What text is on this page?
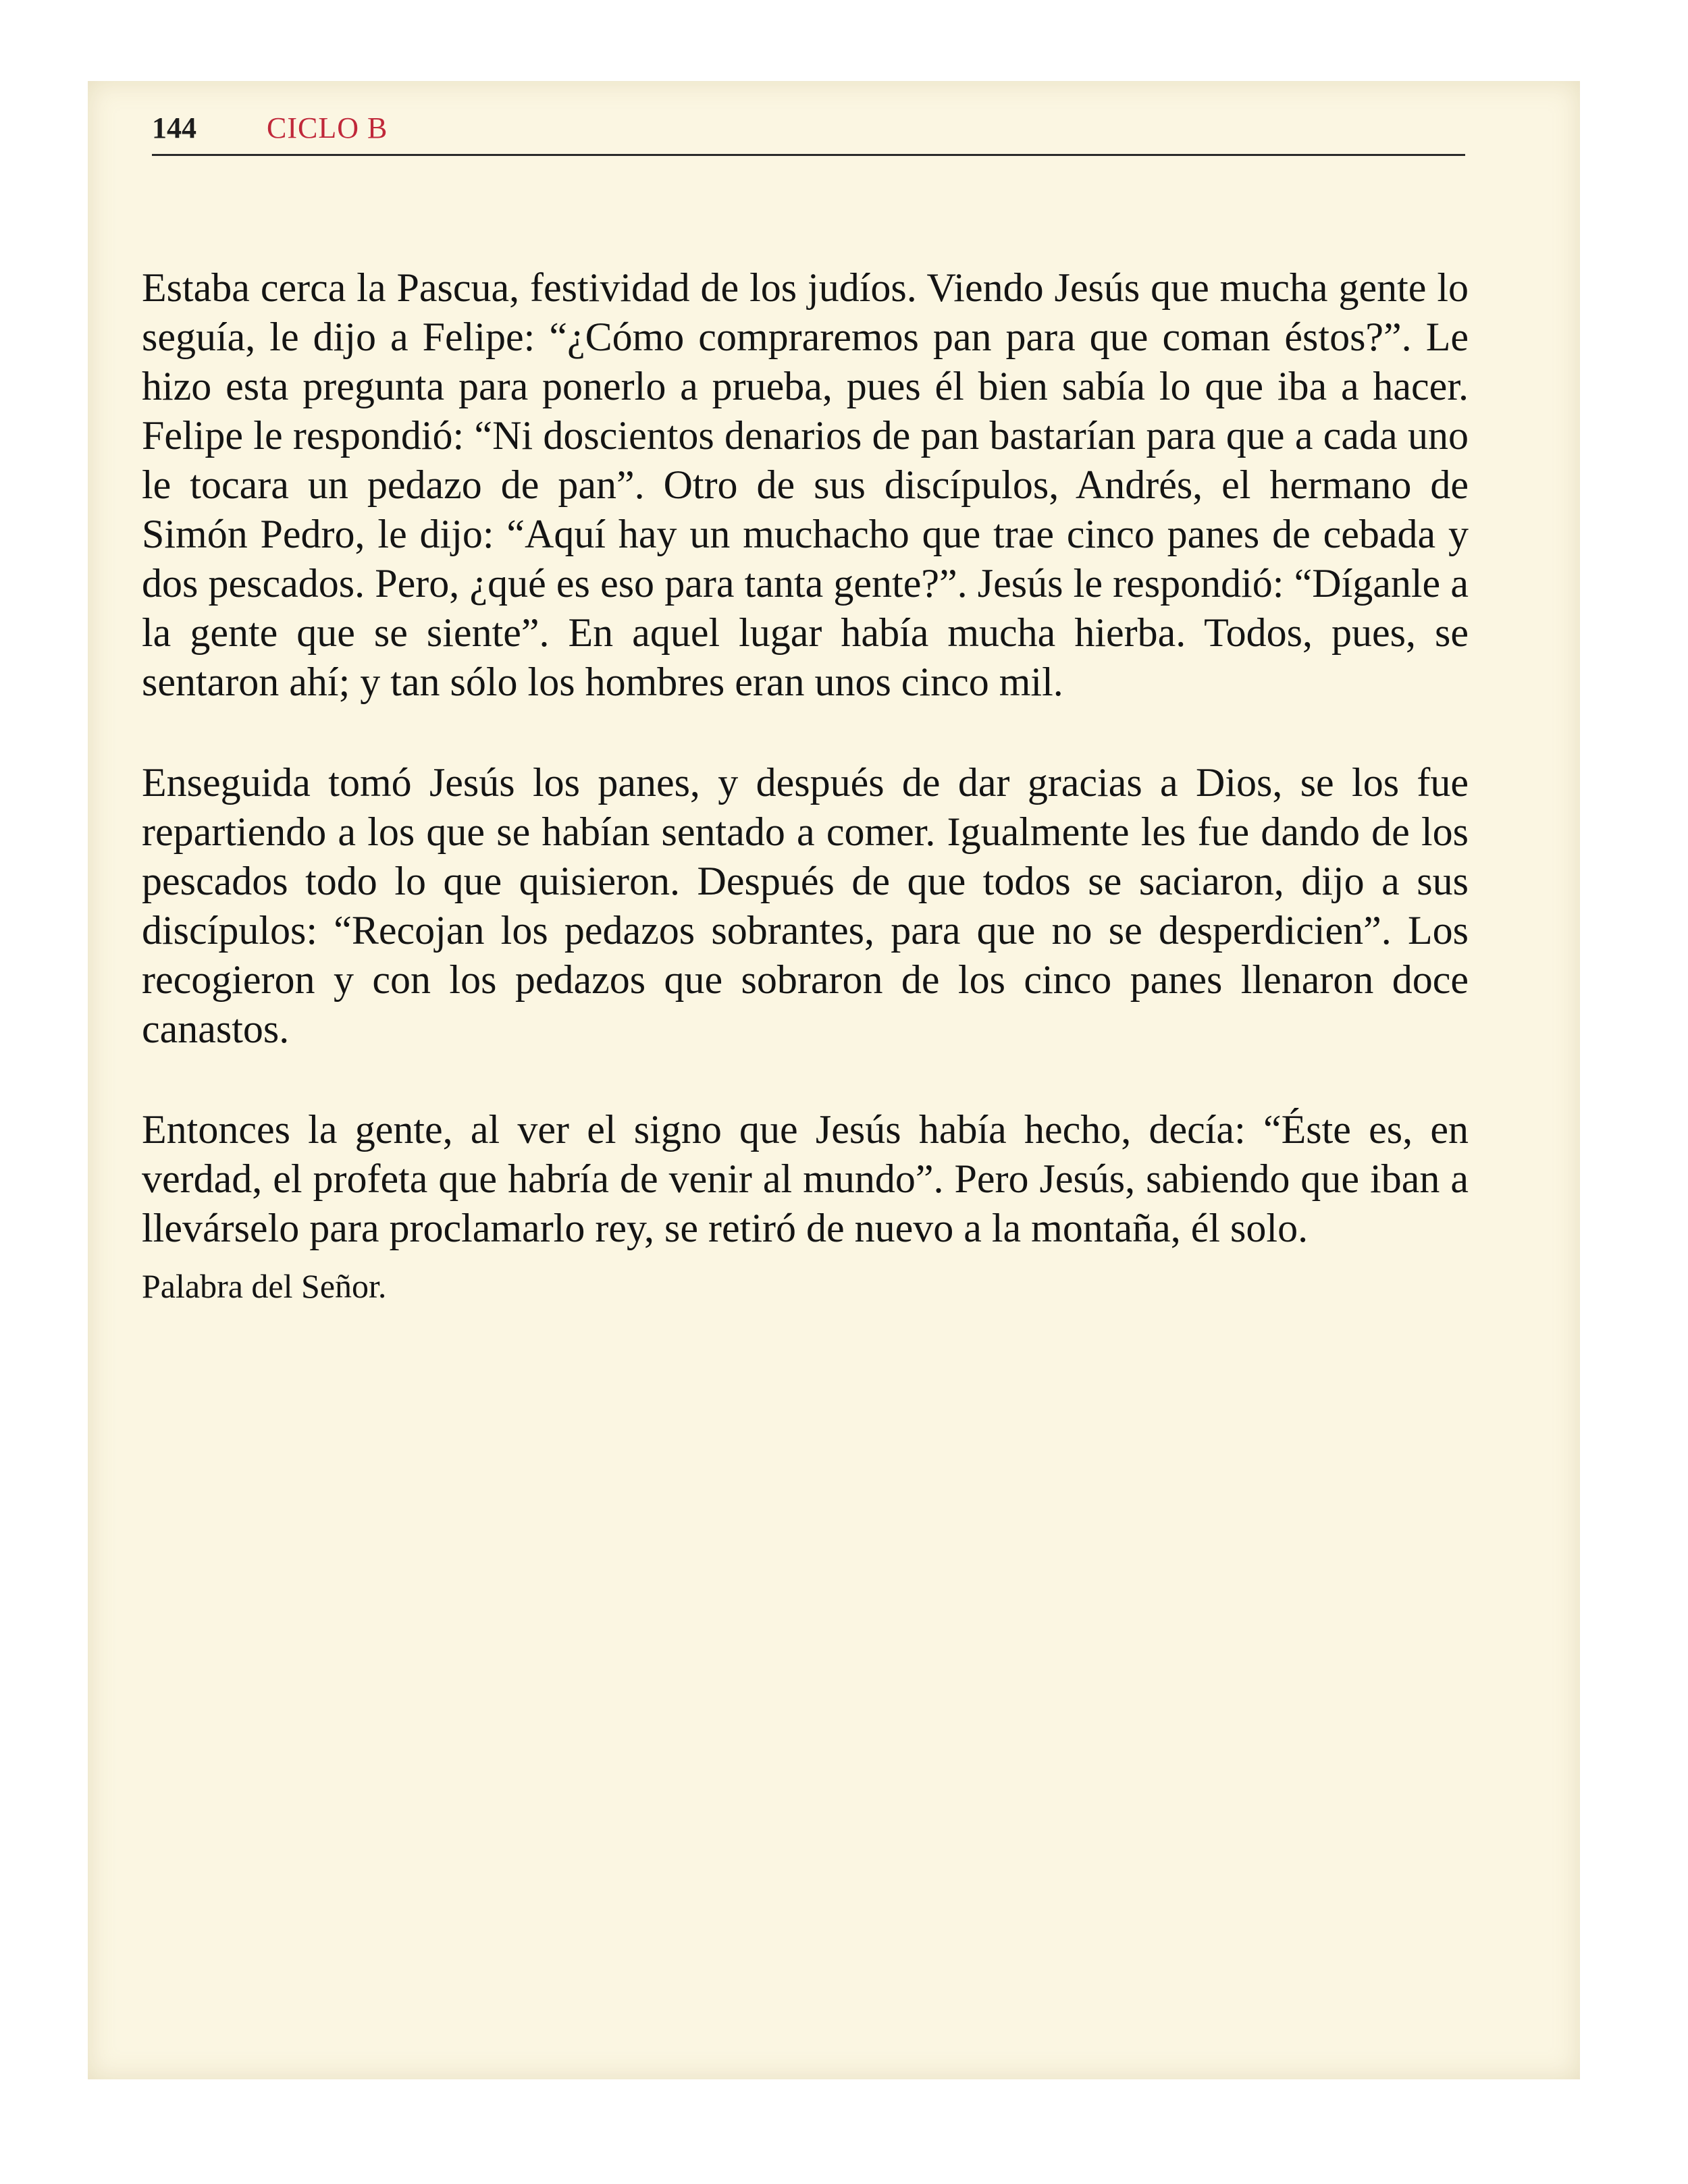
144 CICLO B

Estaba cerca la Pascua, festividad de los judíos. Viendo Jesús que mucha gente lo seguía, le dijo a Felipe: “¿Cómo compraremos pan para que coman éstos?”. Le hizo esta pregunta para ponerlo a prueba, pues él bien sabía lo que iba a hacer. Felipe le respondió: “Ni doscientos denarios de pan bastarían para que a cada uno le tocara un pedazo de pan”. Otro de sus discípulos, Andrés, el hermano de Simón Pedro, le dijo: “Aquí hay un muchacho que trae cinco panes de cebada y dos pescados. Pero, ¿qué es eso para tanta gente?”. Jesús le respondió: “Díganle a la gente que se siente”. En aquel lugar había mucha hierba. Todos, pues, se sentaron ahí; y tan sólo los hombres eran unos cinco mil.

Enseguida tomó Jesús los panes, y después de dar gracias a Dios, se los fue repartiendo a los que se habían sentado a comer. Igualmente les fue dando de los pescados todo lo que quisieron. Después de que todos se saciaron, dijo a sus discípulos: “Recojan los pedazos sobrantes, para que no se desperdicien”. Los recogieron y con los pedazos que sobraron de los cinco panes llenaron doce canastos.

Entonces la gente, al ver el signo que Jesús había hecho, decía: “Éste es, en verdad, el profeta que habría de venir al mundo”. Pero Jesús, sabiendo que iban a llevárselo para proclamarlo rey, se retiró de nuevo a la montaña, él solo.

Palabra del Señor.
